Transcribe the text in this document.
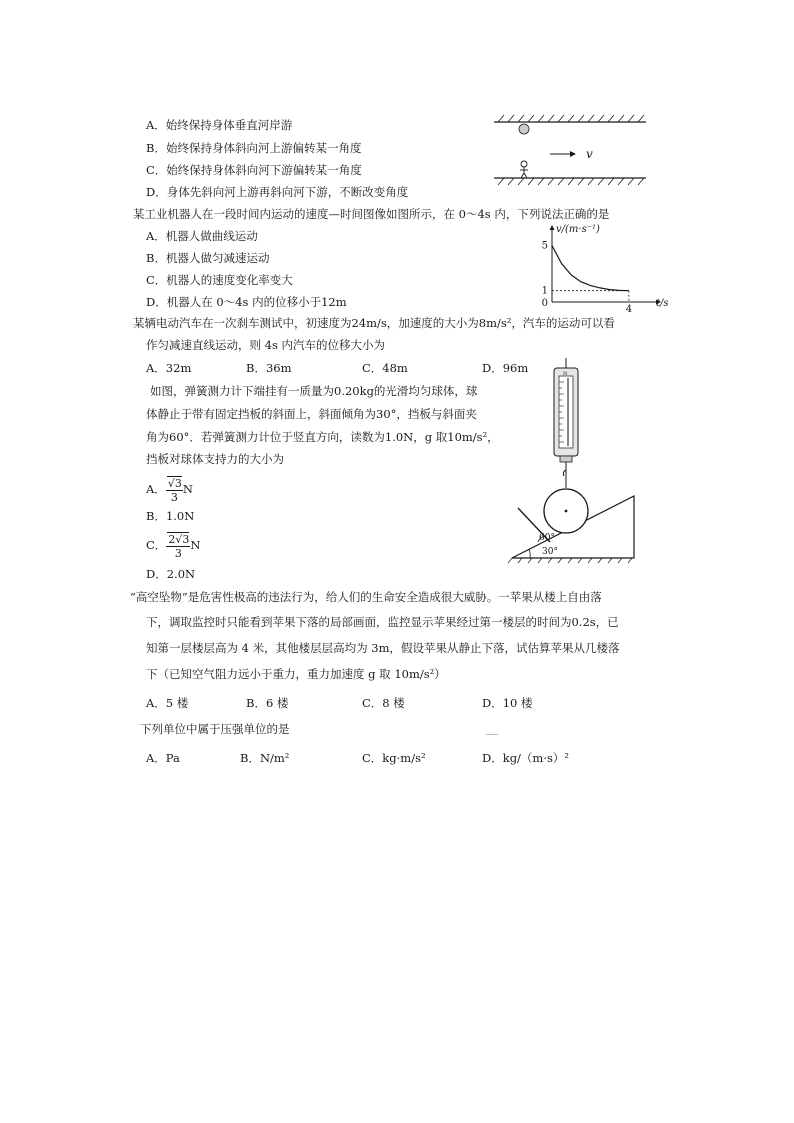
A．始终保持身体垂直河岸游
B．始终保持身体斜向河上游偏转某一角度
C．始终保持身体斜向河下游偏转某一角度
D．身体先斜向河上游再斜向河下游，不断改变角度
v
某工业机器人在一段时间内运动的速度—时间图像如图所示，在 0～4s 内，下列说法正确的是
A．机器人做曲线运动
B．机器人做匀减速运动
C．机器人的速度变化率变大
D．机器人在 0～4s 内的位移小于12m
v/(m·s⁻¹)
t/s
0
5
1
4
某辆电动汽车在一次刹车测试中，初速度为24m/s，加速度的大小为8m/s²，汽车的运动可以看
作匀减速直线运动，则 4s 内汽车的位移大小为
A．32m	B．36m	C．48m	D．96m
如图，弹簧测力计下端挂有一质量为0.20kg的光滑均匀球体，球
体静止于带有固定挡板的斜面上，斜面倾角为30°，挡板与斜面夹
角为60°．若弹簧测力计位于竖直方向，读数为1.0N，g 取10m/s²，
挡板对球体支持力的大小为
A． $\frac{√3}{3}$ N
B．1.0N
C． $\frac{2√3}{3}$ N
D．2.0N
N
60°
30°
“高空坠物”是危害性极高的违法行为，给人们的生命安全造成很大威胁。一苹果从楼上自由落
下，调取监控时只能看到苹果下落的局部画面，监控显示苹果经过第一楼层的时间为0.2s，已
知第一层楼层高为 4 米，其他楼层层高均为 3m，假设苹果从静止下落，试估算苹果从几楼落
下（已知空气阻力远小于重力，重力加速度 g 取 10m/s²）
A．5 楼	B．6 楼	C．8 楼	D．10 楼
下列单位中属于压强单位的是
A．Pa	B．N/m²	C．kg·m/s²	D．kg/（m·s）²
